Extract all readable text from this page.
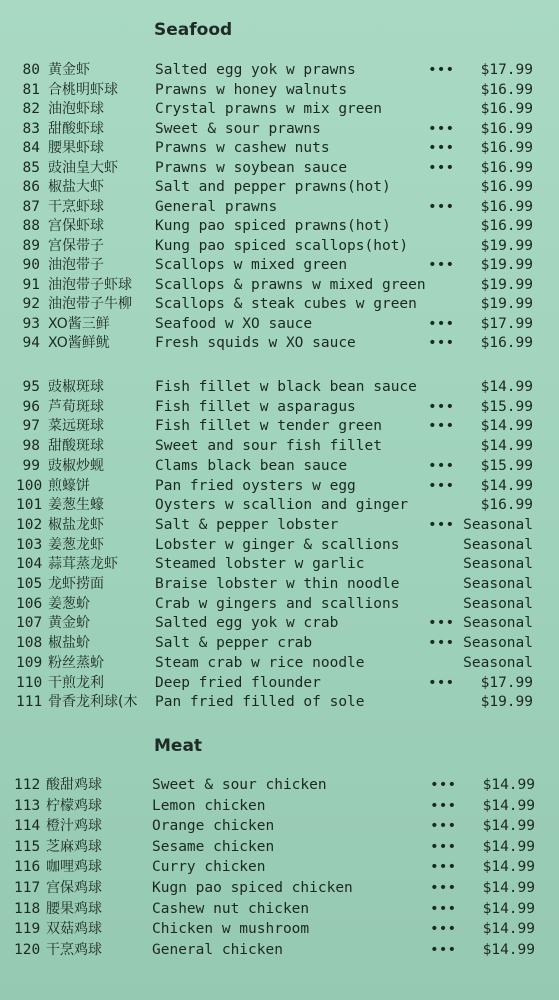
Seafood
80 黄金虾	Salted egg yok w prawns	••• $17.99
81 合桃明虾球	Prawns w honey walnuts	$16.99
82 油泡虾球	Crystal prawns w mix green	$16.99
83 甜酸虾球	Sweet & sour prawns	••• $16.99
84 腰果虾球	Prawns w cashew nuts	••• $16.99
85 豉油皇大虾	Prawns w soybean sauce	••• $16.99
86 椒盐大虾	Salt and pepper prawns(hot)	$16.99
87 干烹虾球	General prawns	••• $16.99
88 宫保虾球	Kung pao spiced prawns(hot)	$16.99
89 宫保带子	Kung pao spiced scallops(hot)	$19.99
90 油泡带子	Scallops w mixed green	••• $19.99
91 油泡带子虾球	Scallops & prawns w mixed green	$19.99
92 油泡带子牛柳	Scallops & steak cubes w green	$19.99
93 XO酱三鲜	Seafood w XO sauce	••• $17.99
94 XO酱鲜鱿	Fresh squids w XO sauce	••• $16.99
95 豉椒斑球	Fish fillet w black bean sauce	$14.99
96 芦荀斑球	Fish fillet w asparagus	••• $15.99
97 菜远斑球	Fish fillet w tender green	••• $14.99
98 甜酸斑球	Sweet and sour fish fillet	$14.99
99 豉椒炒蚬	Clams black bean sauce	••• $15.99
100 煎蠔饼	Pan fried oysters w egg	••• $14.99
101 姜葱生蠔	Oysters w scallion and ginger	$16.99
102 椒盐龙虾	Salt & pepper lobster	••• Seasonal
103 姜葱龙虾	Lobster w ginger & scallions	Seasonal
104 蒜茸蒸龙虾	Steamed lobster w garlic	Seasonal
105 龙虾捞面	Braise lobster w thin noodle	Seasonal
106 姜葱蚧	Crab w gingers and scallions	Seasonal
107 黄金蚧	Salted egg yok w crab	••• Seasonal
108 椒盐蚧	Salt & pepper crab	••• Seasonal
109 粉丝蒸蚧	Steam crab w rice noodle	Seasonal
110 干煎龙利	Deep fried flounder	••• $17.99
111 骨香龙利球(木	Pan fried filled of sole	$19.99
Meat
112 酸甜鸡球	Sweet & sour chicken	••• $14.99
113 柠檬鸡球	Lemon chicken	••• $14.99
114 橙汁鸡球	Orange chicken	••• $14.99
115 芝麻鸡球	Sesame chicken	••• $14.99
116 咖哩鸡球	Curry chicken	••• $14.99
117 宫保鸡球	Kugn pao spiced chicken	••• $14.99
118 腰果鸡球	Cashew nut chicken	••• $14.99
119 双菇鸡球	Chicken w mushroom	••• $14.99
120 干烹鸡球	General chicken	••• $14.99
